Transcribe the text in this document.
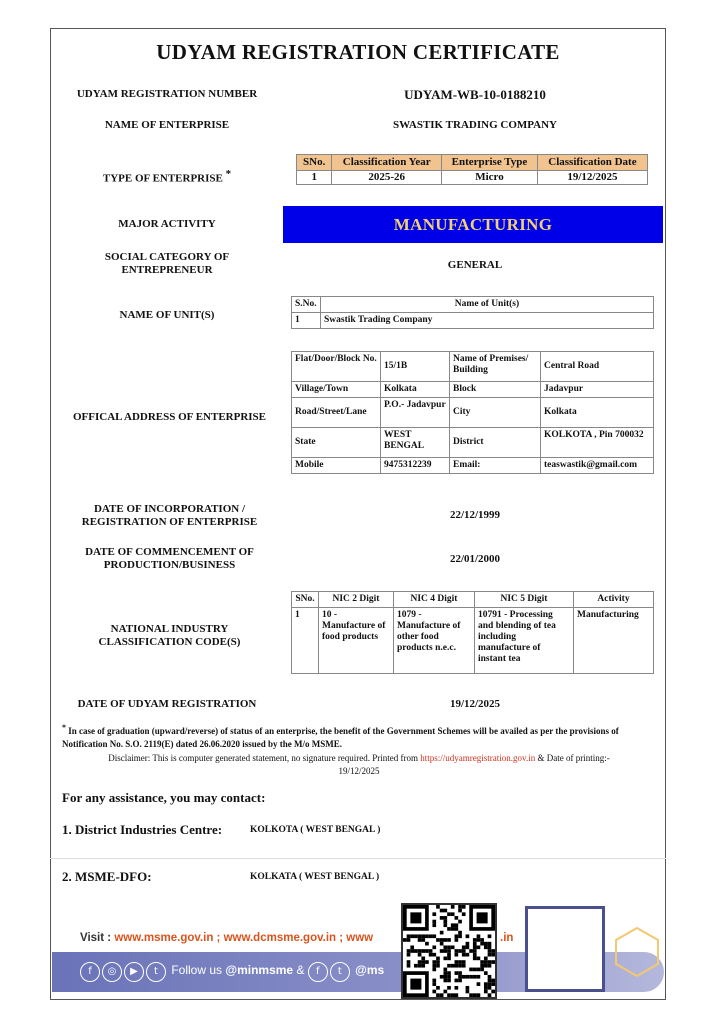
UDYAM REGISTRATION CERTIFICATE
UDYAM REGISTRATION NUMBER	UDYAM-WB-10-0188210
NAME OF ENTERPRISE	SWASTIK TRADING COMPANY
TYPE OF ENTERPRISE *
SNo.	Classification Year	Enterprise Type	Classification Date
1	2025-26	Micro	19/12/2025
MAJOR ACTIVITY	MANUFACTURING
SOCIAL CATEGORY OF
ENTREPRENEUR	GENERAL
NAME OF UNIT(S)
S.No.	Name of Unit(s)
1	Swastik Trading Company
OFFICAL ADDRESS OF ENTERPRISE
Flat/Door/Block No.	15/1B	Name of Premises/ Building	Central Road
Village/Town	Kolkata	Block	Jadavpur
Road/Street/Lane	P.O.- Jadavpur	City	Kolkata
State	WEST BENGAL	District	KOLKOTA , Pin 700032
Mobile	9475312239	Email:	teaswastik@gmail.com
DATE OF INCORPORATION /
REGISTRATION OF ENTERPRISE
22/12/1999
DATE OF COMMENCEMENT OF
PRODUCTION/BUSINESS	22/01/2000
NATIONAL INDUSTRY
CLASSIFICATION CODE(S)
SNo.	NIC 2 Digit	NIC 4 Digit	NIC 5 Digit	Activity
1	10 - Manufacture of food products	1079 - Manufacture of other food products n.e.c.	10791 - Processing and blending of tea including manufacture of instant tea	Manufacturing
DATE OF UDYAM REGISTRATION	19/12/2025
* In case of graduation (upward/reverse) of status of an enterprise, the benefit of the Government Schemes will be availed as per the provisions of Notification No. S.O. 2119(E) dated 26.06.2020 issued by the M/o MSME.
Disclaimer: This is computer generated statement, no signature required. Printed from https://udyamregistration.gov.in & Date of printing:-
19/12/2025
For any assistance, you may contact:
1. District Industries Centre:	KOLKOTA ( WEST BENGAL )
2. MSME-DFO:	KOLKATA ( WEST BENGAL )
Visit : www.msme.gov.in ; www.dcmsme.gov.in ; www	.in
f ◎ ▶ t Follow us @minmsme & f t @ms
